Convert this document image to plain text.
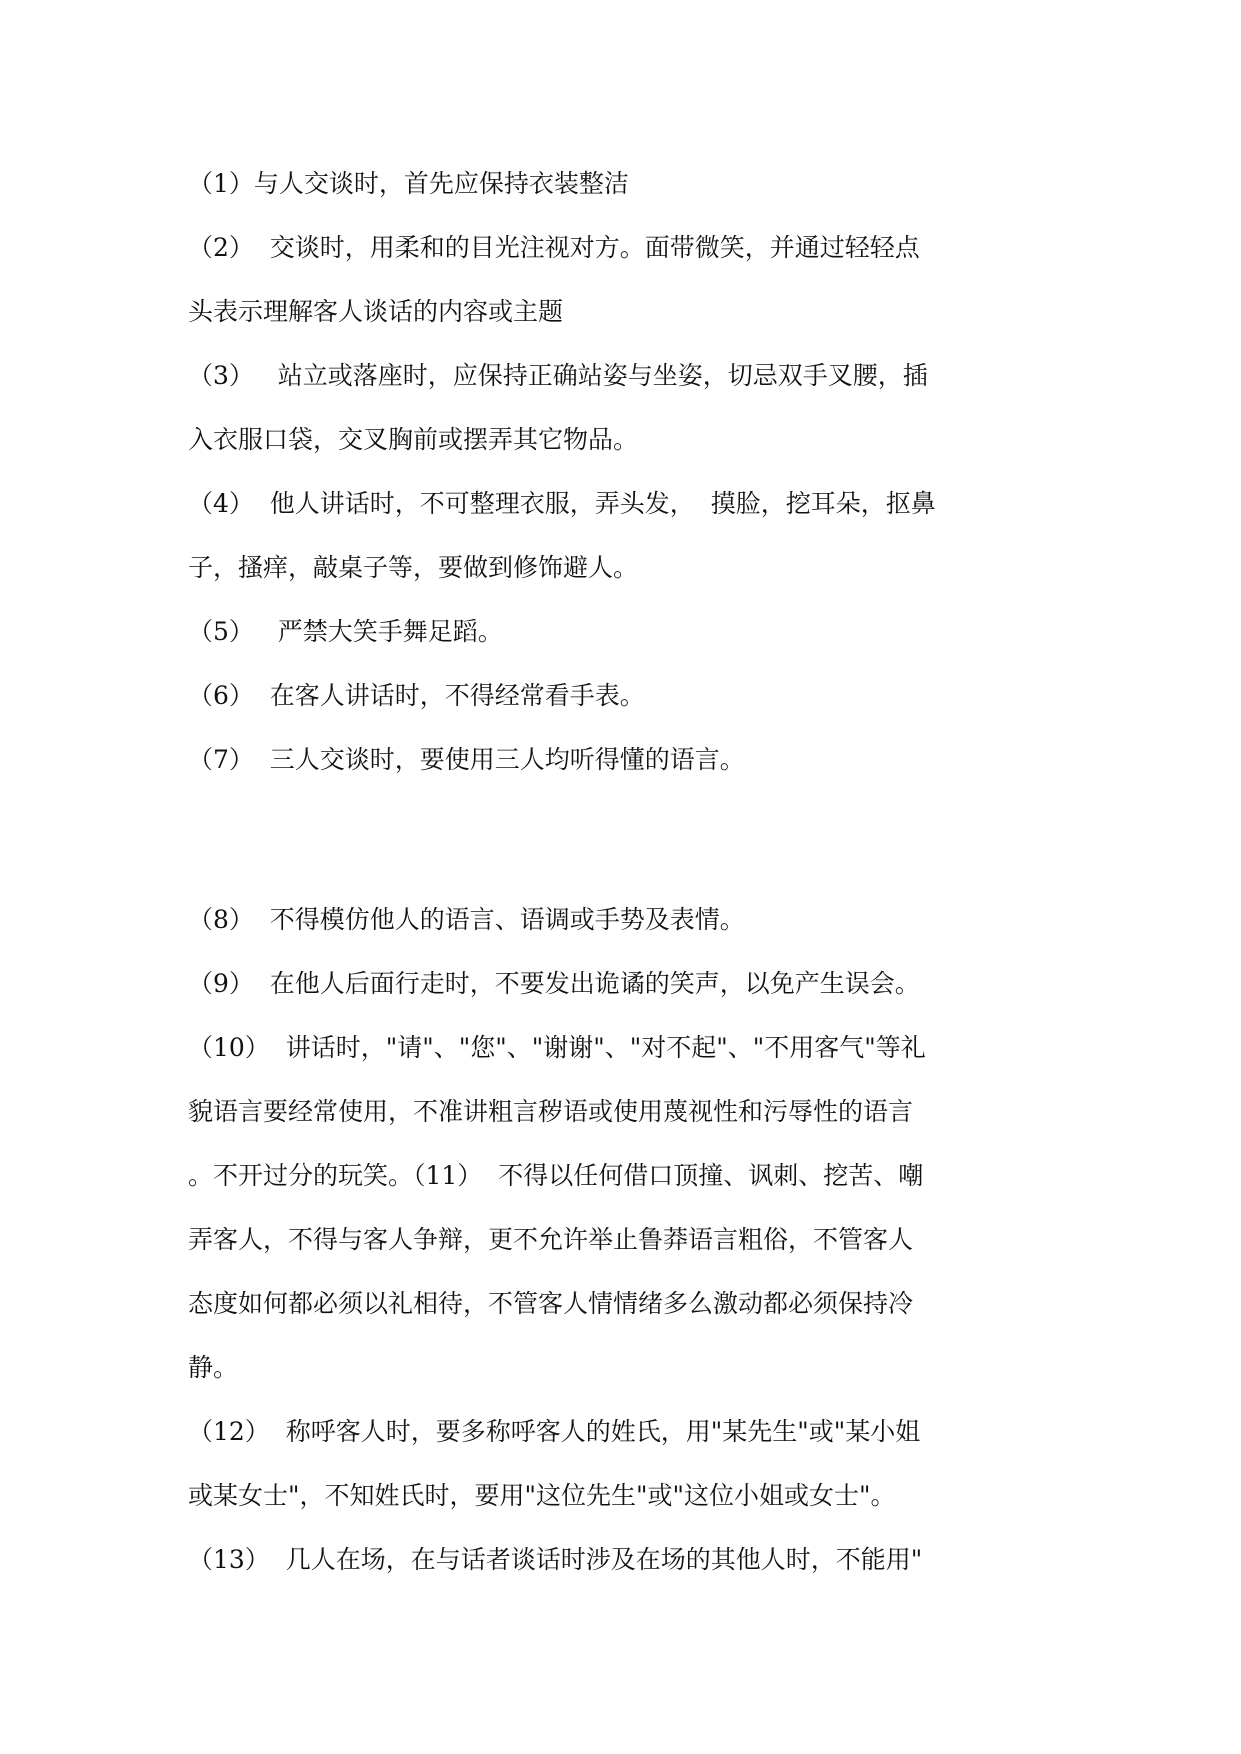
（1）与人交谈时，首先应保持衣装整洁
（2）  交谈时，用柔和的目光注视对方。面带微笑，并通过轻轻点
头表示理解客人谈话的内容或主题
（3）   站立或落座时，应保持正确站姿与坐姿，切忌双手叉腰，插
入衣服口袋，交叉胸前或摆弄其它物品。
（4）  他人讲话时，不可整理衣服，弄头发，  摸脸，挖耳朵，抠鼻
子，搔痒，敲桌子等，要做到修饰避人。
（5）   严禁大笑手舞足蹈。
（6）  在客人讲话时，不得经常看手表。
（7）  三人交谈时，要使用三人均听得懂的语言。
（8）  不得模仿他人的语言、语调或手势及表情。
（9）  在他人后面行走时，不要发出诡谲的笑声，以免产生误会。
（10）  讲话时，"请"、"您"、"谢谢"、"对不起"、"不用客气"等礼
貌语言要经常使用，不准讲粗言秽语或使用蔑视性和污辱性的语言
。不开过分的玩笑。（11）  不得以任何借口顶撞、讽刺、挖苦、嘲
弄客人，不得与客人争辩，更不允许举止鲁莽语言粗俗，不管客人
态度如何都必须以礼相待，不管客人情情绪多么激动都必须保持冷
静。
（12）  称呼客人时，要多称呼客人的姓氏，用"某先生"或"某小姐
或某女士"，不知姓氏时，要用"这位先生"或"这位小姐或女士"。
（13）  几人在场，在与话者谈话时涉及在场的其他人时，不能用"
